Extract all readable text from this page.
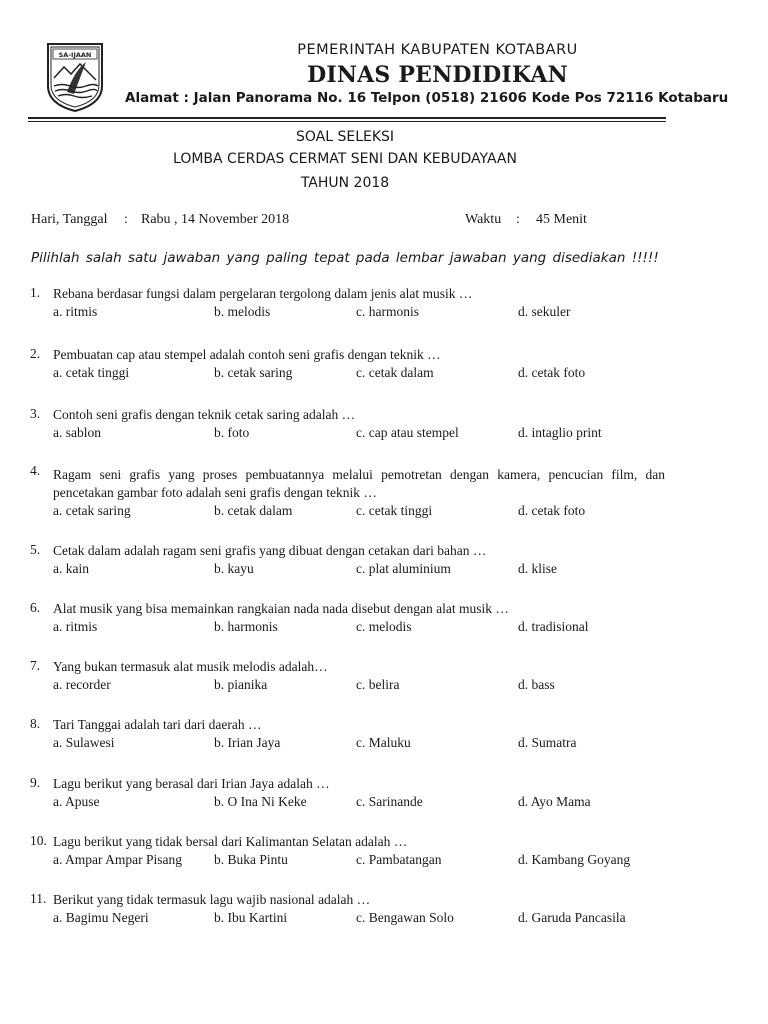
SA-IJAAN	PEMERINTAH KABUPATEN KOTABARU
DINAS PENDIDIKAN
Alamat : Jalan Panorama No. 16 Telpon (0518) 21606 Kode Pos 72116 Kotabaru
SOAL SELEKSI
LOMBA CERDAS CERMAT SENI DAN KEBUDAYAAN
TAHUN 2018
Hari, Tanggal : Rabu , 14 November 2018	Waktu : 45 Menit
Pilihlah salah satu jawaban yang paling tepat pada lembar jawaban yang disediakan !!!!!
1. Rebana berdasar fungsi dalam pergelaran tergolong dalam jenis alat musik …
a. ritmis	b. melodis	c. harmonis	d. sekuler
2. Pembuatan cap atau stempel adalah contoh seni grafis dengan teknik …
a. cetak tinggi	b. cetak saring	c. cetak dalam	d. cetak foto
3. Contoh seni grafis dengan teknik cetak saring adalah …
a. sablon	b. foto	c. cap atau stempel	d. intaglio print
4. Ragam seni grafis yang proses pembuatannya melalui pemotretan dengan kamera, pencucian film, dan pencetakan gambar foto adalah seni grafis dengan teknik …
a. cetak saring	b. cetak dalam	c. cetak tinggi	d. cetak foto
5. Cetak dalam adalah ragam seni grafis yang dibuat dengan cetakan dari bahan …
a. kain	b. kayu	c. plat aluminium	d. klise
6. Alat musik yang bisa memainkan rangkaian nada nada disebut dengan alat musik …
a. ritmis	b. harmonis	c. melodis	d. tradisional
7. Yang bukan termasuk alat musik melodis adalah…
a. recorder	b. pianika	c. belira	d. bass
8. Tari Tanggai adalah tari dari daerah …
a. Sulawesi	b. Irian Jaya	c. Maluku	d. Sumatra
9. Lagu berikut yang berasal dari Irian Jaya adalah …
a. Apuse	b. O Ina Ni Keke	c. Sarinande	d. Ayo Mama
10. Lagu berikut yang tidak bersal dari Kalimantan Selatan adalah …
a. Ampar Ampar Pisang b. Buka Pintu	c. Pambatangan	d. Kambang Goyang
11. Berikut yang tidak termasuk lagu wajib nasional adalah …
a. Bagimu Negeri	b. Ibu Kartini	c. Bengawan Solo	d. Garuda Pancasila
